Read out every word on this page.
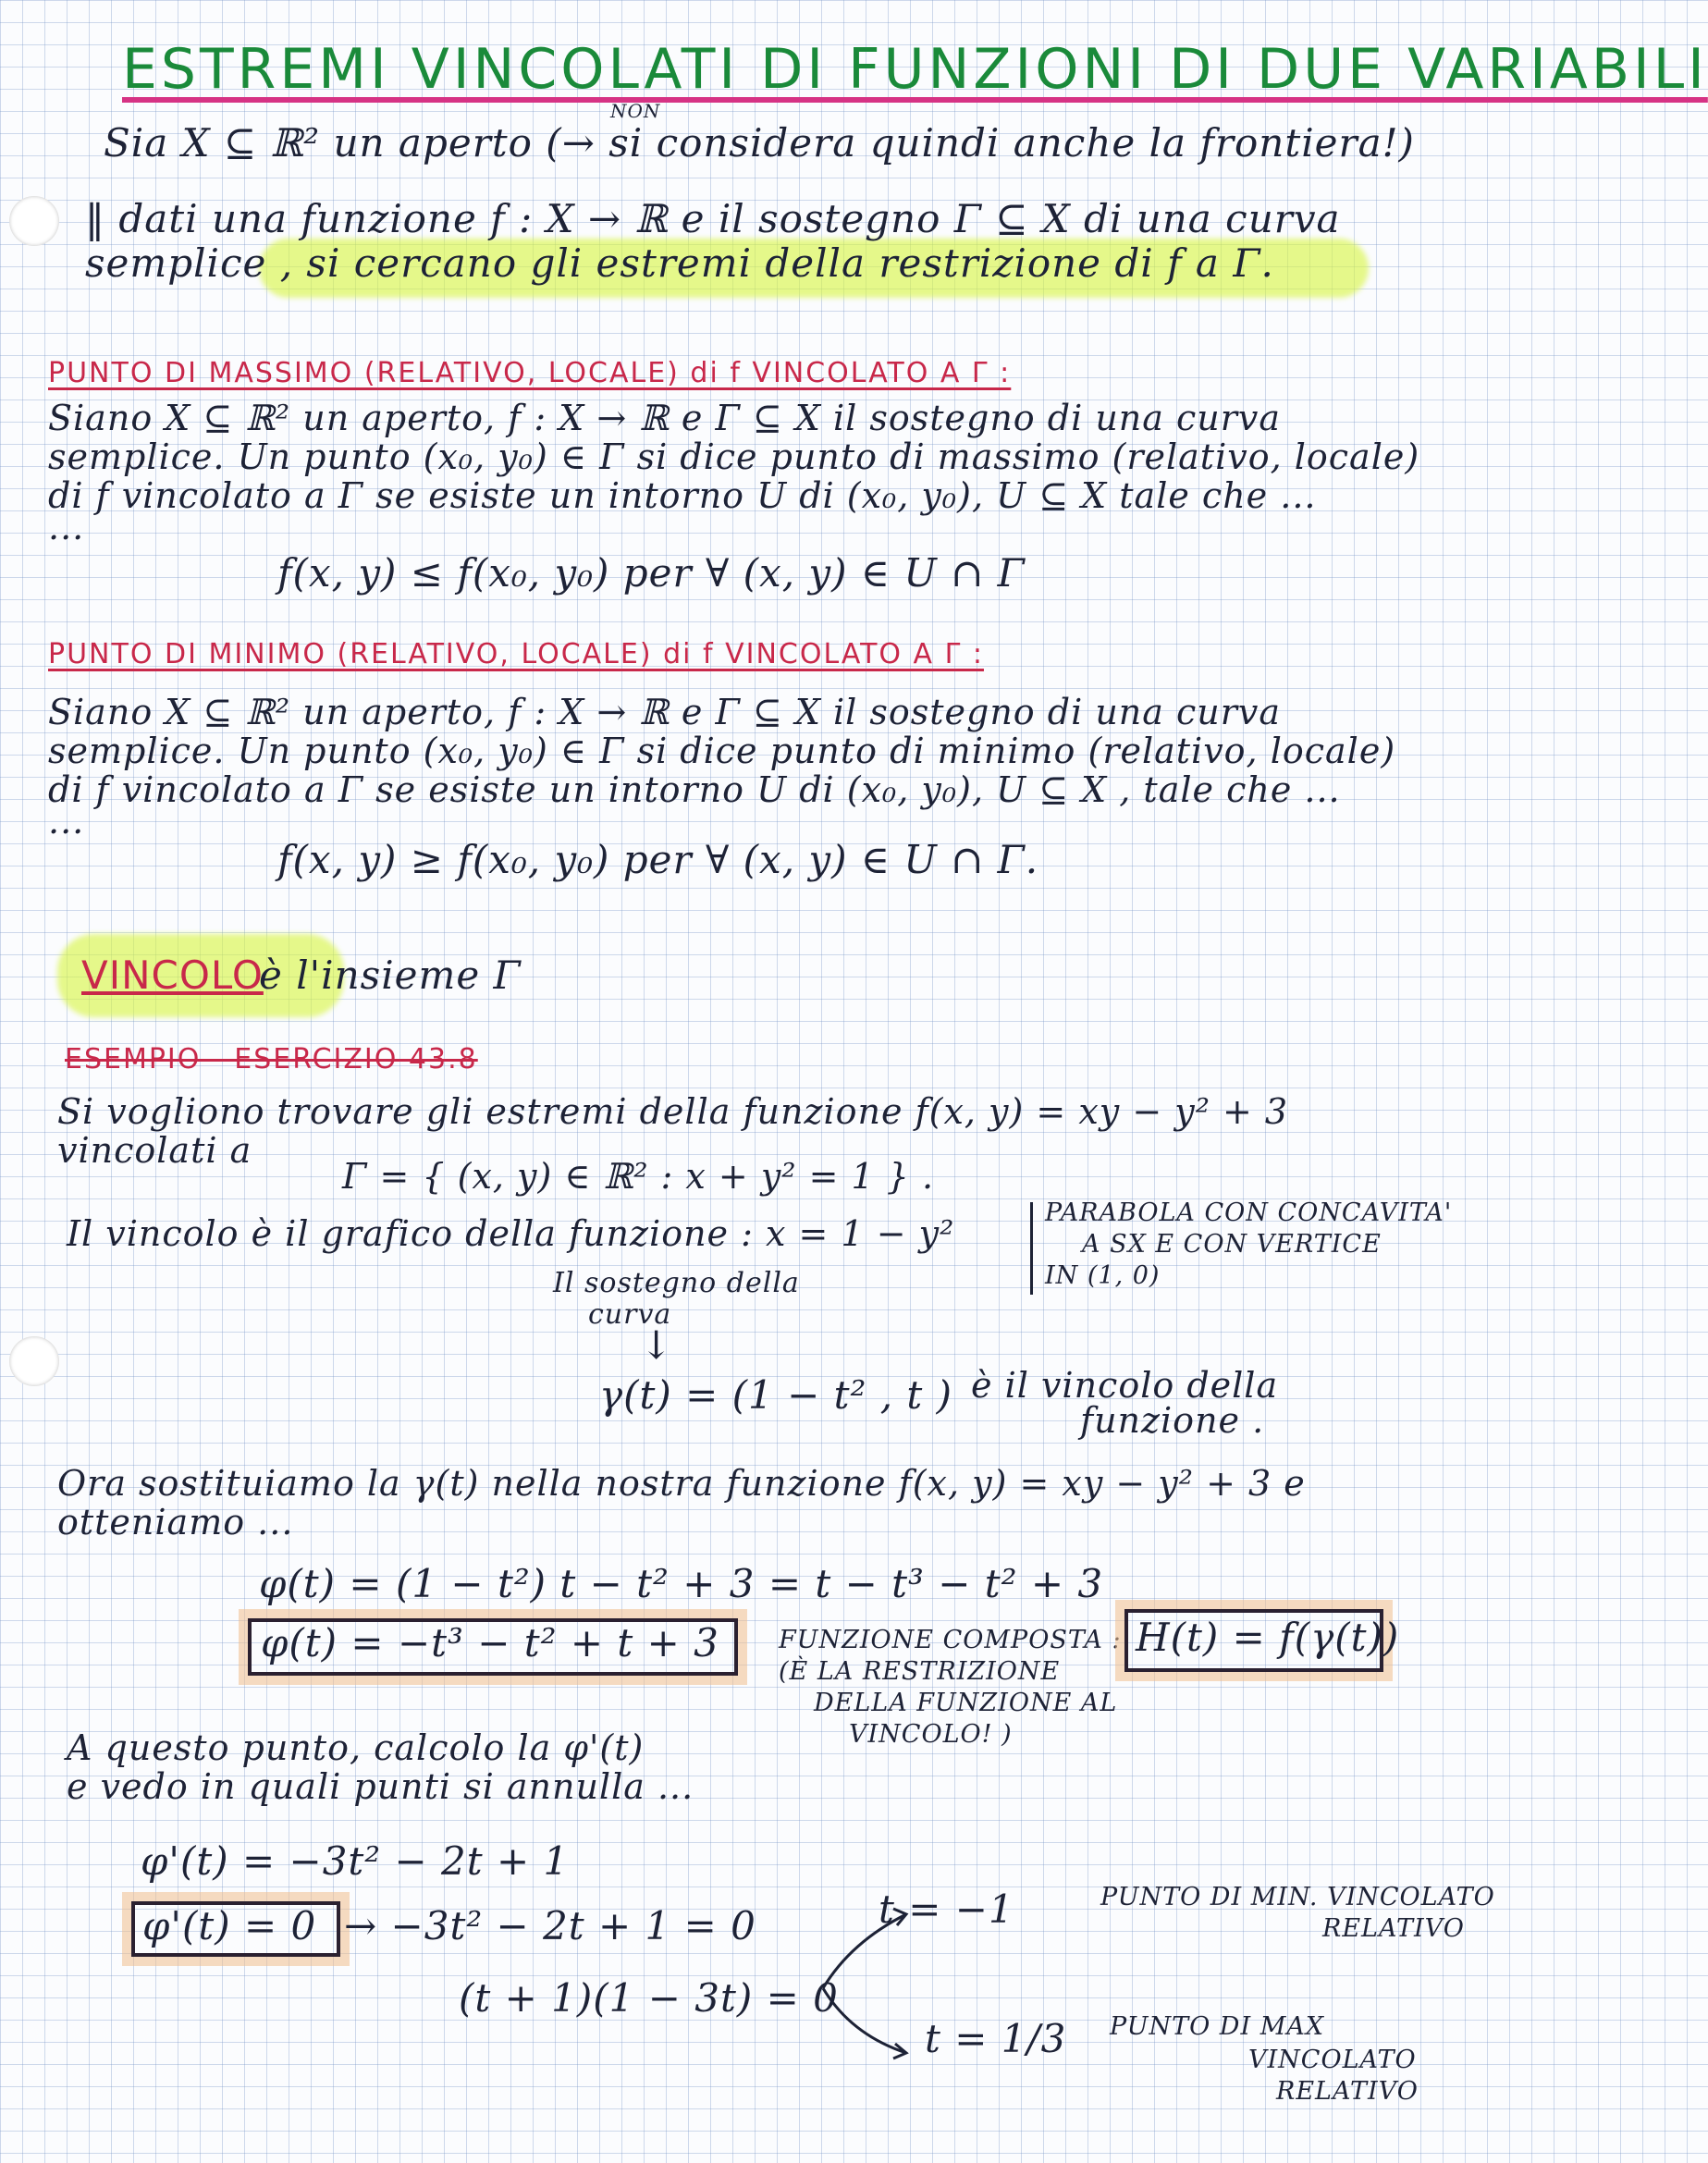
ESTREMI VINCOLATI DI FUNZIONI DI DUE VARIABILI
NON
Sia X ⊆ ℝ² un aperto (→ si considera quindi anche la frontiera!)
‖ dati una funzione f : X → ℝ e il sostegno Γ ⊆ X di una curva
semplice , si cercano gli estremi della restrizione di f a Γ.
PUNTO DI MASSIMO (RELATIVO, LOCALE) di f VINCOLATO A Γ :
Siano X ⊆ ℝ² un aperto, f : X → ℝ e Γ ⊆ X il sostegno di una curva
semplice. Un punto (x₀, y₀) ∈ Γ si dice punto di massimo (relativo, locale)
di f vincolato a Γ se esiste un intorno U di (x₀, y₀), U ⊆ X tale che ...
...
f(x, y) ≤ f(x₀, y₀) per ∀ (x, y) ∈ U ∩ Γ
PUNTO DI MINIMO (RELATIVO, LOCALE) di f VINCOLATO A Γ :
Siano X ⊆ ℝ² un aperto, f : X → ℝ e Γ ⊆ X il sostegno di una curva
semplice. Un punto (x₀, y₀) ∈ Γ si dice punto di minimo (relativo, locale)
di f vincolato a Γ se esiste un intorno U di (x₀, y₀), U ⊆ X , tale che ...
...
f(x, y) ≥ f(x₀, y₀) per ∀ (x, y) ∈ U ∩ Γ.
VINCOLO
è l'insieme Γ
ESEMPIO - ESERCIZIO 43.8
Si vogliono trovare gli estremi della funzione f(x, y) = xy − y² + 3
vincolati a
Γ = { (x, y) ∈ ℝ² : x + y² = 1 } .
Il vincolo è il grafico della funzione : x = 1 − y²
PARABOLA CON CONCAVITA'
A SX E CON VERTICE
IN (1, 0)
Il sostegno della
curva
↓
γ(t) = (1 − t² , t ) è il vincolo della
funzione .
Ora sostituiamo la γ(t) nella nostra funzione f(x, y) = xy − y² + 3 e
otteniamo ...
φ(t) = (1 − t²) t − t² + 3 = t − t³ − t² + 3
φ(t) = −t³ − t² + t + 3 FUNZIONE COMPOSTA :
(È LA RESTRIZIONE
DELLA FUNZIONE AL
VINCOLO! )
H(t) = f(γ(t))
A questo punto, calcolo la φ'(t)
e vedo in quali punti si annulla ...
φ'(t) = −3t² − 2t + 1
φ'(t) = 0 → −3t² − 2t + 1 = 0
(t + 1)(1 − 3t) = 0
t = −1	PUNTO DI MIN. VINCOLATO
RELATIVO
t = 1/3 PUNTO DI MAX
VINCOLATO
RELATIVO
